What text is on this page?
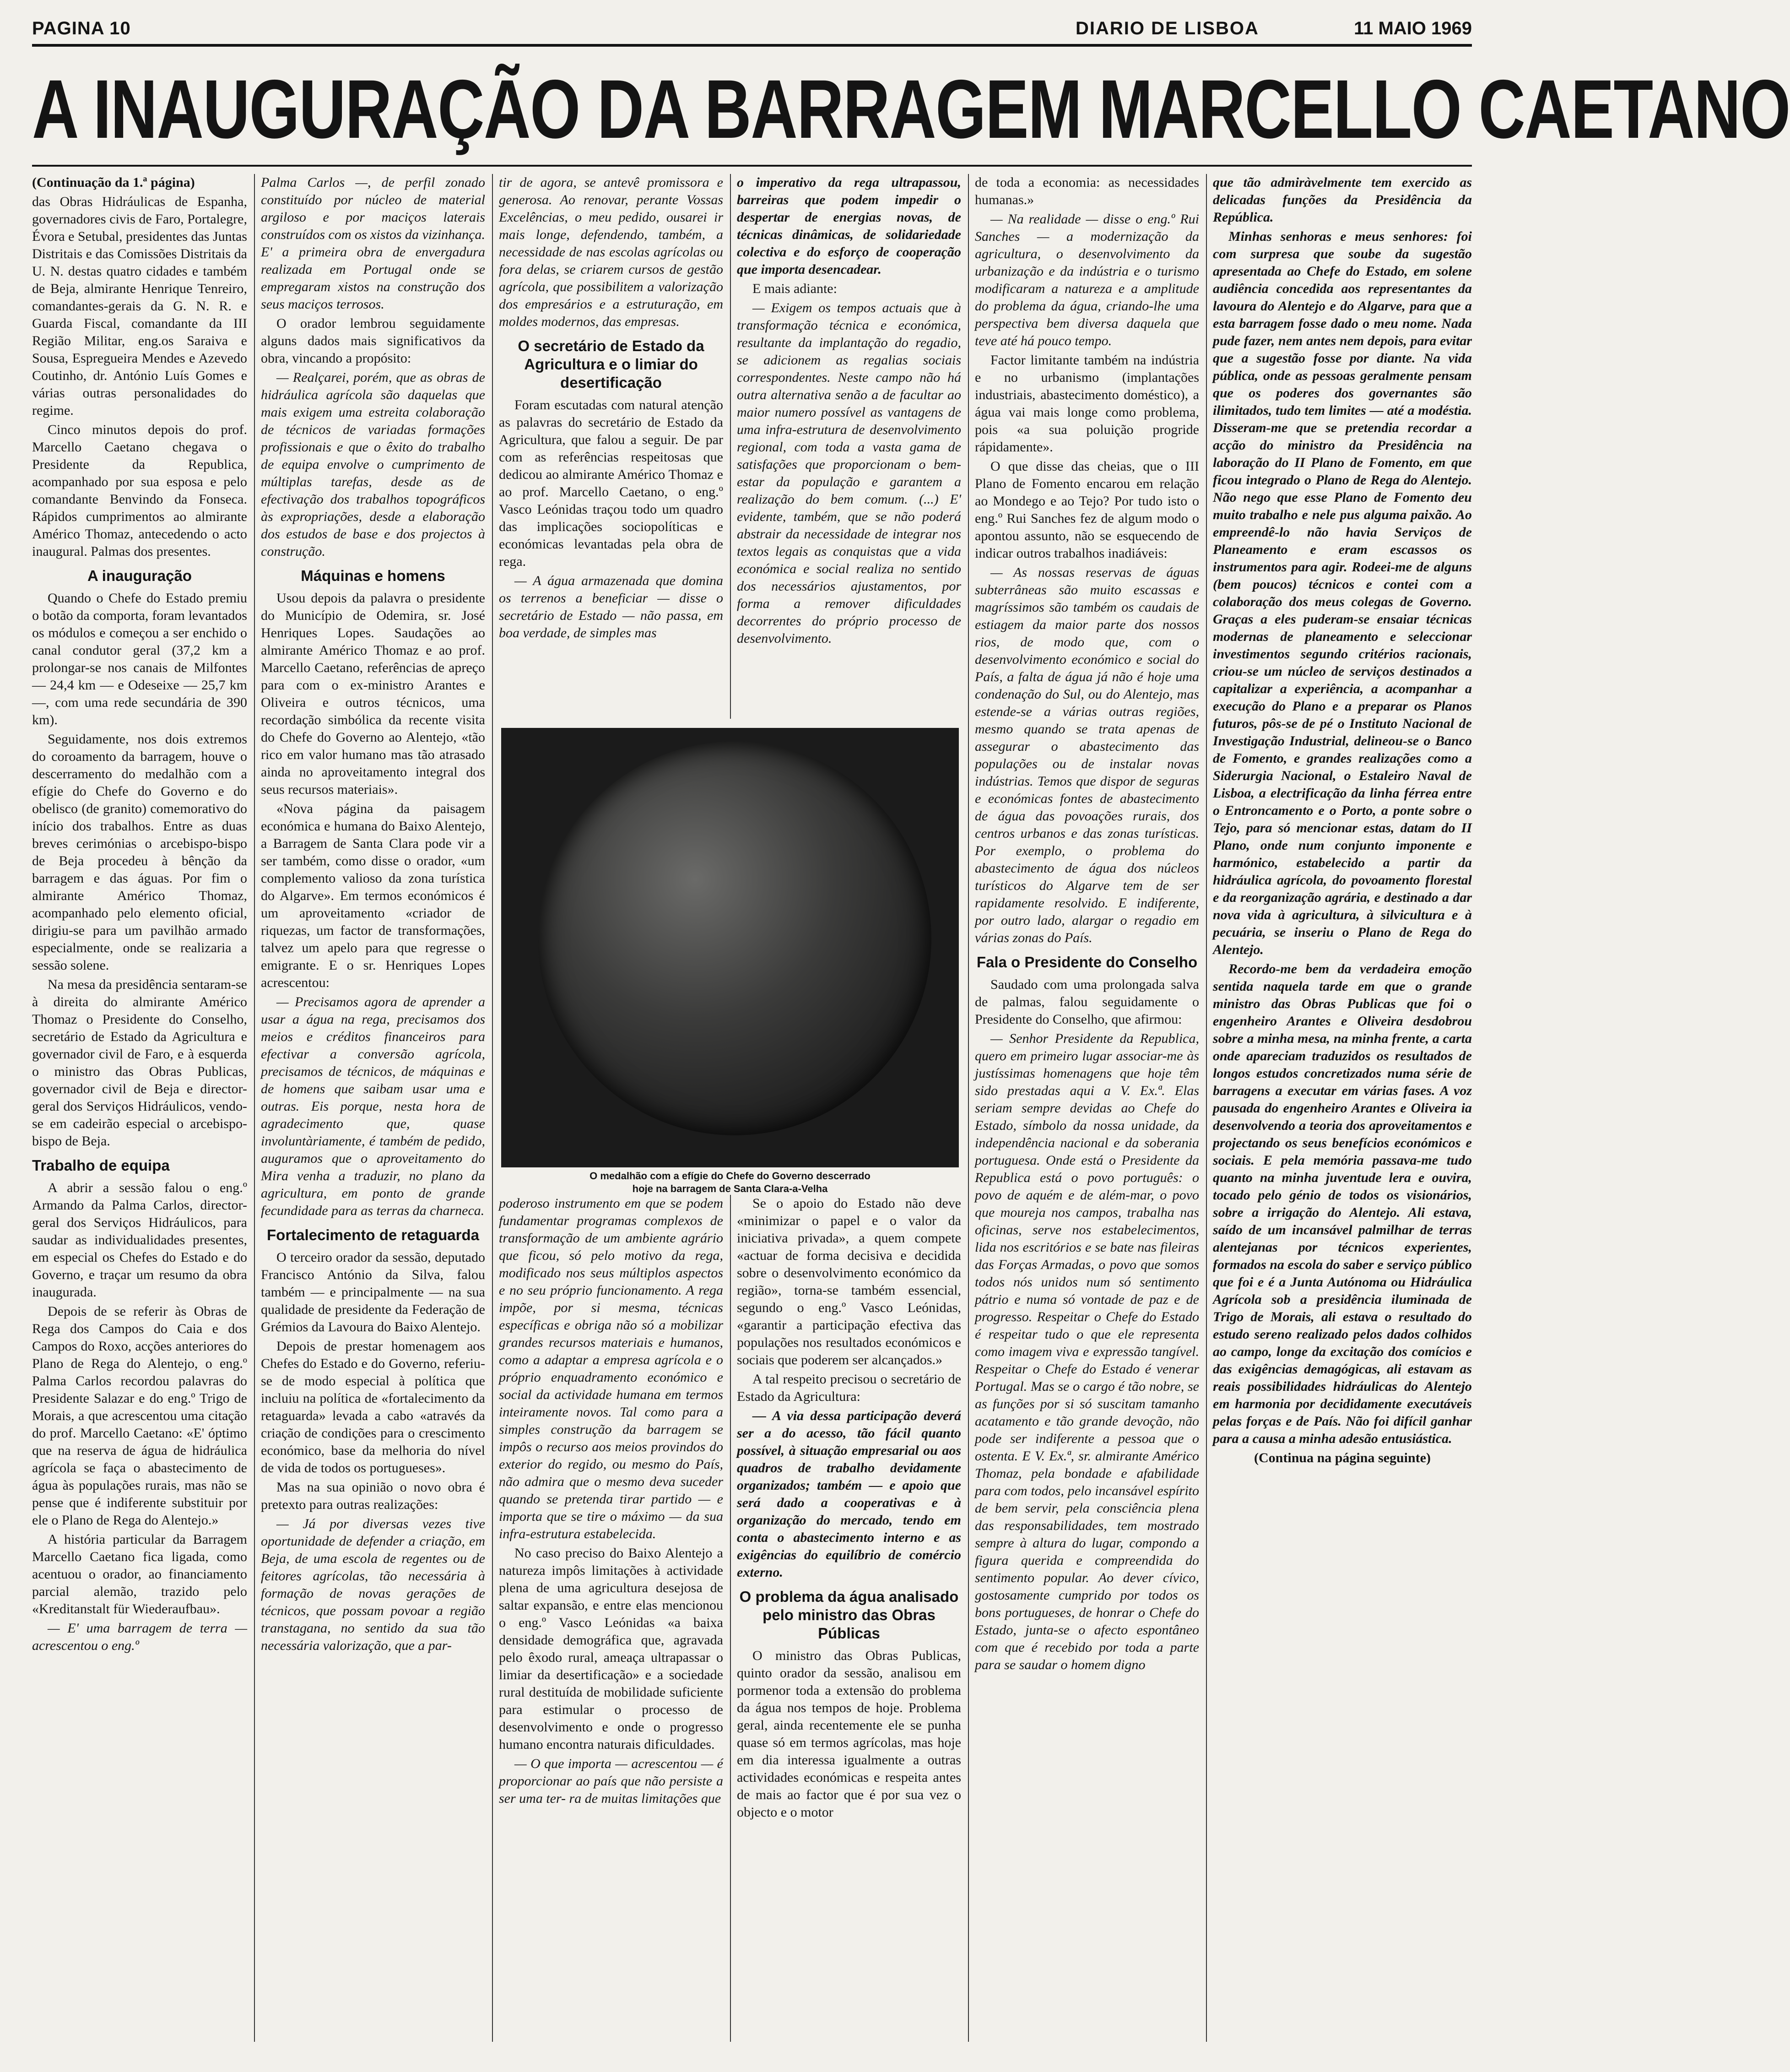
PAGINA 10	DIARIO DE LISBOA	11 MAIO 1969
A INAUGURAÇÃO DA BARRAGEM MARCELLO CAETANO

(Continuação da 1.ª página)

das Obras Hidráulicas de Espanha, governadores civis de Faro, Portalegre, Évora e Setubal, presidentes das Juntas Distritais e das Comissões Distritais da U. N. destas quatro cidades e também de Beja, almirante Henrique Tenreiro, comandantes-gerais da G. N. R. e Guarda Fiscal, comandante da III Região Militar, eng.os Saraiva e Sousa, Espregueira Mendes e Azevedo Coutinho, dr. António Luís Gomes e várias outras personalidades do regime.

Cinco minutos depois do prof. Marcello Caetano chegava o Presidente da Republica, acompanhado por sua esposa e pelo comandante Benvindo da Fonseca. Rápidos cumprimentos ao almirante Américo Thomaz, antecedendo o acto inaugural. Palmas dos presentes.

A inauguração

Quando o Chefe do Estado premiu o botão da comporta, foram levantados os módulos e começou a ser enchido o canal condutor geral (37,2 km a prolongar-se nos canais de Milfontes — 24,4 km — e Odeseixe — 25,7 km —, com uma rede secundária de 390 km).

Seguidamente, nos dois extremos do coroamento da barragem, houve o descerramento do medalhão com a efígie do Chefe do Governo e do obelisco (de granito) comemorativo do início dos trabalhos. Entre as duas breves cerimónias o arcebispo-bispo de Beja procedeu à bênção da barragem e das águas. Por fim o almirante Américo Thomaz, acompanhado pelo elemento oficial, dirigiu-se para um pavilhão armado especialmente, onde se realizaria a sessão solene.

Na mesa da presidência sentaram-se à direita do almirante Américo Thomaz o Presidente do Conselho, secretário de Estado da Agricultura e governador civil de Faro, e à esquerda o ministro das Obras Publicas, governador civil de Beja e director-geral dos Serviços Hidráulicos, vendo-se em cadeirão especial o arcebispo-bispo de Beja.

Trabalho de equipa

A abrir a sessão falou o eng.º Armando da Palma Carlos, director-geral dos Serviços Hidráulicos, para saudar as individualidades presentes, em especial os Chefes do Estado e do Governo, e traçar um resumo da obra inaugurada.

Depois de se referir às Obras de Rega dos Campos do Caia e dos Campos do Roxo, acções anteriores do Plano de Rega do Alentejo, o eng.º Palma Carlos recordou palavras do Presidente Salazar e do eng.º Trigo de Morais, a que acrescentou uma citação do prof. Marcello Caetano: «E' óptimo que na reserva de água de hidráulica agrícola se faça o abastecimento de água às populações rurais, mas não se pense que é indiferente substituir por ele o Plano de Rega do Alentejo.»

A história particular da Barragem Marcello Caetano fica ligada, como acentuou o orador, ao financiamento parcial alemão, trazido pelo «Kreditanstalt für Wiederaufbau».

— E' uma barragem de terra — acrescentou o eng.º

Palma Carlos —, de perfil zonado constituído por núcleo de material argiloso e por maciços laterais construídos com os xistos da vizinhança. E' a primeira obra de envergadura realizada em Portugal onde se empregaram xistos na construção dos seus maciços terrosos.

O orador lembrou seguidamente alguns dados mais significativos da obra, vincando a propósito:

— Realçarei, porém, que as obras de hidráulica agrícola são daquelas que mais exigem uma estreita colaboração de técnicos de variadas formações profissionais e que o êxito do trabalho de equipa envolve o cumprimento de múltiplas tarefas, desde as de efectivação dos trabalhos topográficos às expropriações, desde a elaboração dos estudos de base e dos projectos à construção.

Máquinas e homens

Usou depois da palavra o presidente do Município de Odemira, sr. José Henriques Lopes. Saudações ao almirante Américo Thomaz e ao prof. Marcello Caetano, referências de apreço para com o ex-ministro Arantes e Oliveira e outros técnicos, uma recordação simbólica da recente visita do Chefe do Governo ao Alentejo, «tão rico em valor humano mas tão atrasado ainda no aproveitamento integral dos seus recursos materiais».

«Nova página da paisagem económica e humana do Baixo Alentejo, a Barragem de Santa Clara pode vir a ser também, como disse o orador, «um complemento valioso da zona turística do Algarve». Em termos económicos é um aproveitamento «criador de riquezas, um factor de transformações, talvez um apelo para que regresse o emigrante. E o sr. Henriques Lopes acrescentou:

— Precisamos agora de aprender a usar a água na rega, precisamos dos meios e créditos financeiros para efectivar a conversão agrícola, precisamos de técnicos, de máquinas e de homens que saibam usar uma e outras. Eis porque, nesta hora de agradecimento que, quase involuntàriamente, é também de pedido, auguramos que o aproveitamento do Mira venha a traduzir, no plano da agricultura, em ponto de grande fecundidade para as terras da charneca.

Fortalecimento de retaguarda

O terceiro orador da sessão, deputado Francisco António da Silva, falou também — e principalmente — na sua qualidade de presidente da Federação de Grémios da Lavoura do Baixo Alentejo.

Depois de prestar homenagem aos Chefes do Estado e do Governo, referiu-se de modo especial à política que incluiu na política de «fortalecimento da retaguarda» levada a cabo «através da criação de condições para o crescimento económico, base da melhoria do nível de vida de todos os portugueses».

Mas na sua opinião o novo obra é pretexto para outras realizações:

— Já por diversas vezes tive oportunidade de defender a criação, em Beja, de uma escola de regentes ou de feitores agrícolas, tão necessária à formação de novas gerações de técnicos, que possam povoar a região transtagana, no sentido da sua tão necessária valorização, que a par-

tir de agora, se antevê promissora e generosa. Ao renovar, perante Vossas Excelências, o meu pedido, ousarei ir mais longe, defendendo, também, a necessidade de nas escolas agrícolas ou fora delas, se criarem cursos de gestão agrícola, que possibilitem a valorização dos empresários e a estruturação, em moldes modernos, das empresas.

O secretário de Estado da Agricultura e o limiar do desertificação

Foram escutadas com natural atenção as palavras do secretário de Estado da Agricultura, que falou a seguir. De par com as referências respeitosas que dedicou ao almirante Américo Thomaz e ao prof. Marcello Caetano, o eng.º Vasco Leónidas traçou todo um quadro das implicações sociopolíticas e económicas levantadas pela obra de rega.

— A água armazenada que domina os terrenos a beneficiar — disse o secretário de Estado — não passa, em boa verdade, de simples mas

o imperativo da rega ultrapassou, barreiras que podem impedir o despertar de energias novas, de técnicas dinâmicas, de solidariedade colectiva e do esforço de cooperação que importa desencadear.

E mais adiante:

— Exigem os tempos actuais que à transformação técnica e económica, resultante da implantação do regadio, se adicionem as regalias sociais correspondentes. Neste campo não há outra alternativa senão a de facultar ao maior numero possível as vantagens de uma infra-estrutura de desenvolvimento regional, com toda a vasta gama de satisfações que proporcionam o bem-estar da população e garantem a realização do bem comum. (...) E' evidente, também, que se não poderá abstrair da necessidade de integrar nos textos legais as conquistas que a vida económica e social realiza no sentido dos necessários ajustamentos, por forma a remover dificuldades decorrentes do próprio processo de desenvolvimento.

O medalhão com a efígie do Chefe do Governo descerrado
hoje na barragem de Santa Clara-a-Velha

poderoso instrumento em que se podem fundamentar programas complexos de transformação de um ambiente agrário que ficou, só pelo motivo da rega, modificado nos seus múltiplos aspectos e no seu próprio funcionamento. A rega impõe, por si mesma, técnicas específicas e obriga não só a mobilizar grandes recursos materiais e humanos, como a adaptar a empresa agrícola e o próprio enquadramento económico e social da actividade humana em termos inteiramente novos. Tal como para a simples construção da barragem se impôs o recurso aos meios provindos do exterior do regido, ou mesmo do País, não admira que o mesmo deva suceder quando se pretenda tirar partido — e importa que se tire o máximo — da sua infra-estrutura estabelecida.

No caso preciso do Baixo Alentejo a natureza impôs limitações à actividade plena de uma agricultura desejosa de saltar expansão, e entre elas mencionou o eng.º Vasco Leónidas «a baixa densidade demográfica que, agravada pelo êxodo rural, ameaça ultrapassar o limiar da desertificação» e a sociedade rural destituída de mobilidade suficiente para estimular o processo de desenvolvimento e onde o progresso humano encontra naturais dificuldades.

— O que importa — acrescentou — é proporcionar ao país que não persiste a ser uma ter- ra de muitas limitações que

Se o apoio do Estado não deve «minimizar o papel e o valor da iniciativa privada», a quem compete «actuar de forma decisiva e decidida sobre o desenvolvimento económico da região», torna-se também essencial, segundo o eng.º Vasco Leónidas, «garantir a participação efectiva das populações nos resultados económicos e sociais que poderem ser alcançados.»

A tal respeito precisou o secretário de Estado da Agricultura:

— A via dessa participação deverá ser a do acesso, tão fácil quanto possível, à situação empresarial ou aos quadros de trabalho devidamente organizados; também — e apoio que será dado a cooperativas e à organização do mercado, tendo em conta o abastecimento interno e as exigências do equilíbrio de comércio externo.

O problema da água analisado pelo ministro das Obras Públicas

O ministro das Obras Publicas, quinto orador da sessão, analisou em pormenor toda a extensão do problema da água nos tempos de hoje. Problema geral, ainda recentemente ele se punha quase só em termos agrícolas, mas hoje em dia interessa igualmente a outras actividades económicas e respeita antes de mais ao factor que é por sua vez o objecto e o motor

de toda a economia: as necessidades humanas.»

— Na realidade — disse o eng.º Rui Sanches — a modernização da agricultura, o desenvolvimento da urbanização e da indústria e o turismo modificaram a natureza e a amplitude do problema da água, criando-lhe uma perspectiva bem diversa daquela que teve até há pouco tempo.

Factor limitante também na indústria e no urbanismo (implantações industriais, abastecimento doméstico), a água vai mais longe como problema, pois «a sua poluição progride rápidamente».

O que disse das cheias, que o III Plano de Fomento encarou em relação ao Mondego e ao Tejo? Por tudo isto o eng.º Rui Sanches fez de algum modo o apontou assunto, não se esquecendo de indicar outros trabalhos inadiáveis:

— As nossas reservas de águas subterrâneas são muito escassas e magríssimos são também os caudais de estiagem da maior parte dos nossos rios, de modo que, com o desenvolvimento económico e social do País, a falta de água já não é hoje uma condenação do Sul, ou do Alentejo, mas estende-se a várias outras regiões, mesmo quando se trata apenas de assegurar o abastecimento das populações ou de instalar novas indústrias. Temos que dispor de seguras e económicas fontes de abastecimento de água das povoações rurais, dos centros urbanos e das zonas turísticas. Por exemplo, o problema do abastecimento de água dos núcleos turísticos do Algarve tem de ser rapidamente resolvido. E indiferente, por outro lado, alargar o regadio em várias zonas do País.

Fala o Presidente do Conselho

Saudado com uma prolongada salva de palmas, falou seguidamente o Presidente do Conselho, que afirmou:

— Senhor Presidente da Republica, quero em primeiro lugar associar-me às justíssimas homenagens que hoje têm sido prestadas aqui a V. Ex.ª. Elas seriam sempre devidas ao Chefe do Estado, símbolo da nossa unidade, da independência nacional e da soberania portuguesa. Onde está o Presidente da Republica está o povo português: o povo de aquém e de além-mar, o povo que moureja nos campos, trabalha nas oficinas, serve nos estabelecimentos, lida nos escritórios e se bate nas fileiras das Forças Armadas, o povo que somos todos nós unidos num só sentimento pátrio e numa só vontade de paz e de progresso. Respeitar o Chefe do Estado é respeitar tudo o que ele representa como imagem viva e expressão tangível. Respeitar o Chefe do Estado é venerar Portugal. Mas se o cargo é tão nobre, se as funções por si só suscitam tamanho acatamento e tão grande devoção, não pode ser indiferente a pessoa que o ostenta. E V. Ex.ª, sr. almirante Américo Thomaz, pela bondade e afabilidade para com todos, pelo incansável espírito de bem servir, pela consciência plena das responsabilidades, tem mostrado sempre à altura do lugar, compondo a figura querida e compreendida do sentimento popular. Ao dever cívico, gostosamente cumprido por todos os bons portugueses, de honrar o Chefe do Estado, junta-se o afecto espontâneo com que é recebido por toda a parte para se saudar o homem digno

que tão admiràvelmente tem exercido as delicadas funções da Presidência da República.

Minhas senhoras e meus senhores: foi com surpresa que soube da sugestão apresentada ao Chefe do Estado, em solene audiência concedida aos representantes da lavoura do Alentejo e do Algarve, para que a esta barragem fosse dado o meu nome. Nada pude fazer, nem antes nem depois, para evitar que a sugestão fosse por diante. Na vida pública, onde as pessoas geralmente pensam que os poderes dos governantes são ilimitados, tudo tem limites — até a modéstia. Disseram-me que se pretendia recordar a acção do ministro da Presidência na laboração do II Plano de Fomento, em que ficou integrado o Plano de Rega do Alentejo. Não nego que esse Plano de Fomento deu muito trabalho e nele pus alguma paixão. Ao empreendê-lo não havia Serviços de Planeamento e eram escassos os instrumentos para agir. Rodeei-me de alguns (bem poucos) técnicos e contei com a colaboração dos meus colegas de Governo. Graças a eles puderam-se ensaiar técnicas modernas de planeamento e seleccionar investimentos segundo critérios racionais, criou-se um núcleo de serviços destinados a capitalizar a experiência, a acompanhar a execução do Plano e a preparar os Planos futuros, pôs-se de pé o Instituto Nacional de Investigação Industrial, delineou-se o Banco de Fomento, e grandes realizações como a Siderurgia Nacional, o Estaleiro Naval de Lisboa, a electrificação da linha férrea entre o Entroncamento e o Porto, a ponte sobre o Tejo, para só mencionar estas, datam do II Plano, onde num conjunto imponente e harmónico, estabelecido a partir da hidráulica agrícola, do povoamento florestal e da reorganização agrária, e destinado a dar nova vida à agricultura, à silvicultura e à pecuária, se inseriu o Plano de Rega do Alentejo.

Recordo-me bem da verdadeira emoção sentida naquela tarde em que o grande ministro das Obras Publicas que foi o engenheiro Arantes e Oliveira desdobrou sobre a minha mesa, na minha frente, a carta onde apareciam traduzidos os resultados de longos estudos concretizados numa série de barragens a executar em várias fases. A voz pausada do engenheiro Arantes e Oliveira ia desenvolvendo a teoria dos aproveitamentos e projectando os seus benefícios económicos e sociais. E pela memória passava-me tudo quanto na minha juventude lera e ouvira, tocado pelo génio de todos os visionários, sobre a irrigação do Alentejo. Ali estava, saído de um incansável palmilhar de terras alentejanas por técnicos experientes, formados na escola do saber e serviço público que foi e é a Junta Autónoma ou Hidráulica Agrícola sob a presidência iluminada de Trigo de Morais, ali estava o resultado do estudo sereno realizado pelos dados colhidos ao campo, longe da excitação dos comícios e das exigências demagógicas, ali estavam as reais possibilidades hidráulicas do Alentejo em harmonia por decididamente executáveis pelas forças e de País. Não foi difícil ganhar para a causa a minha adesão entusiástica.

(Continua na página seguinte)
